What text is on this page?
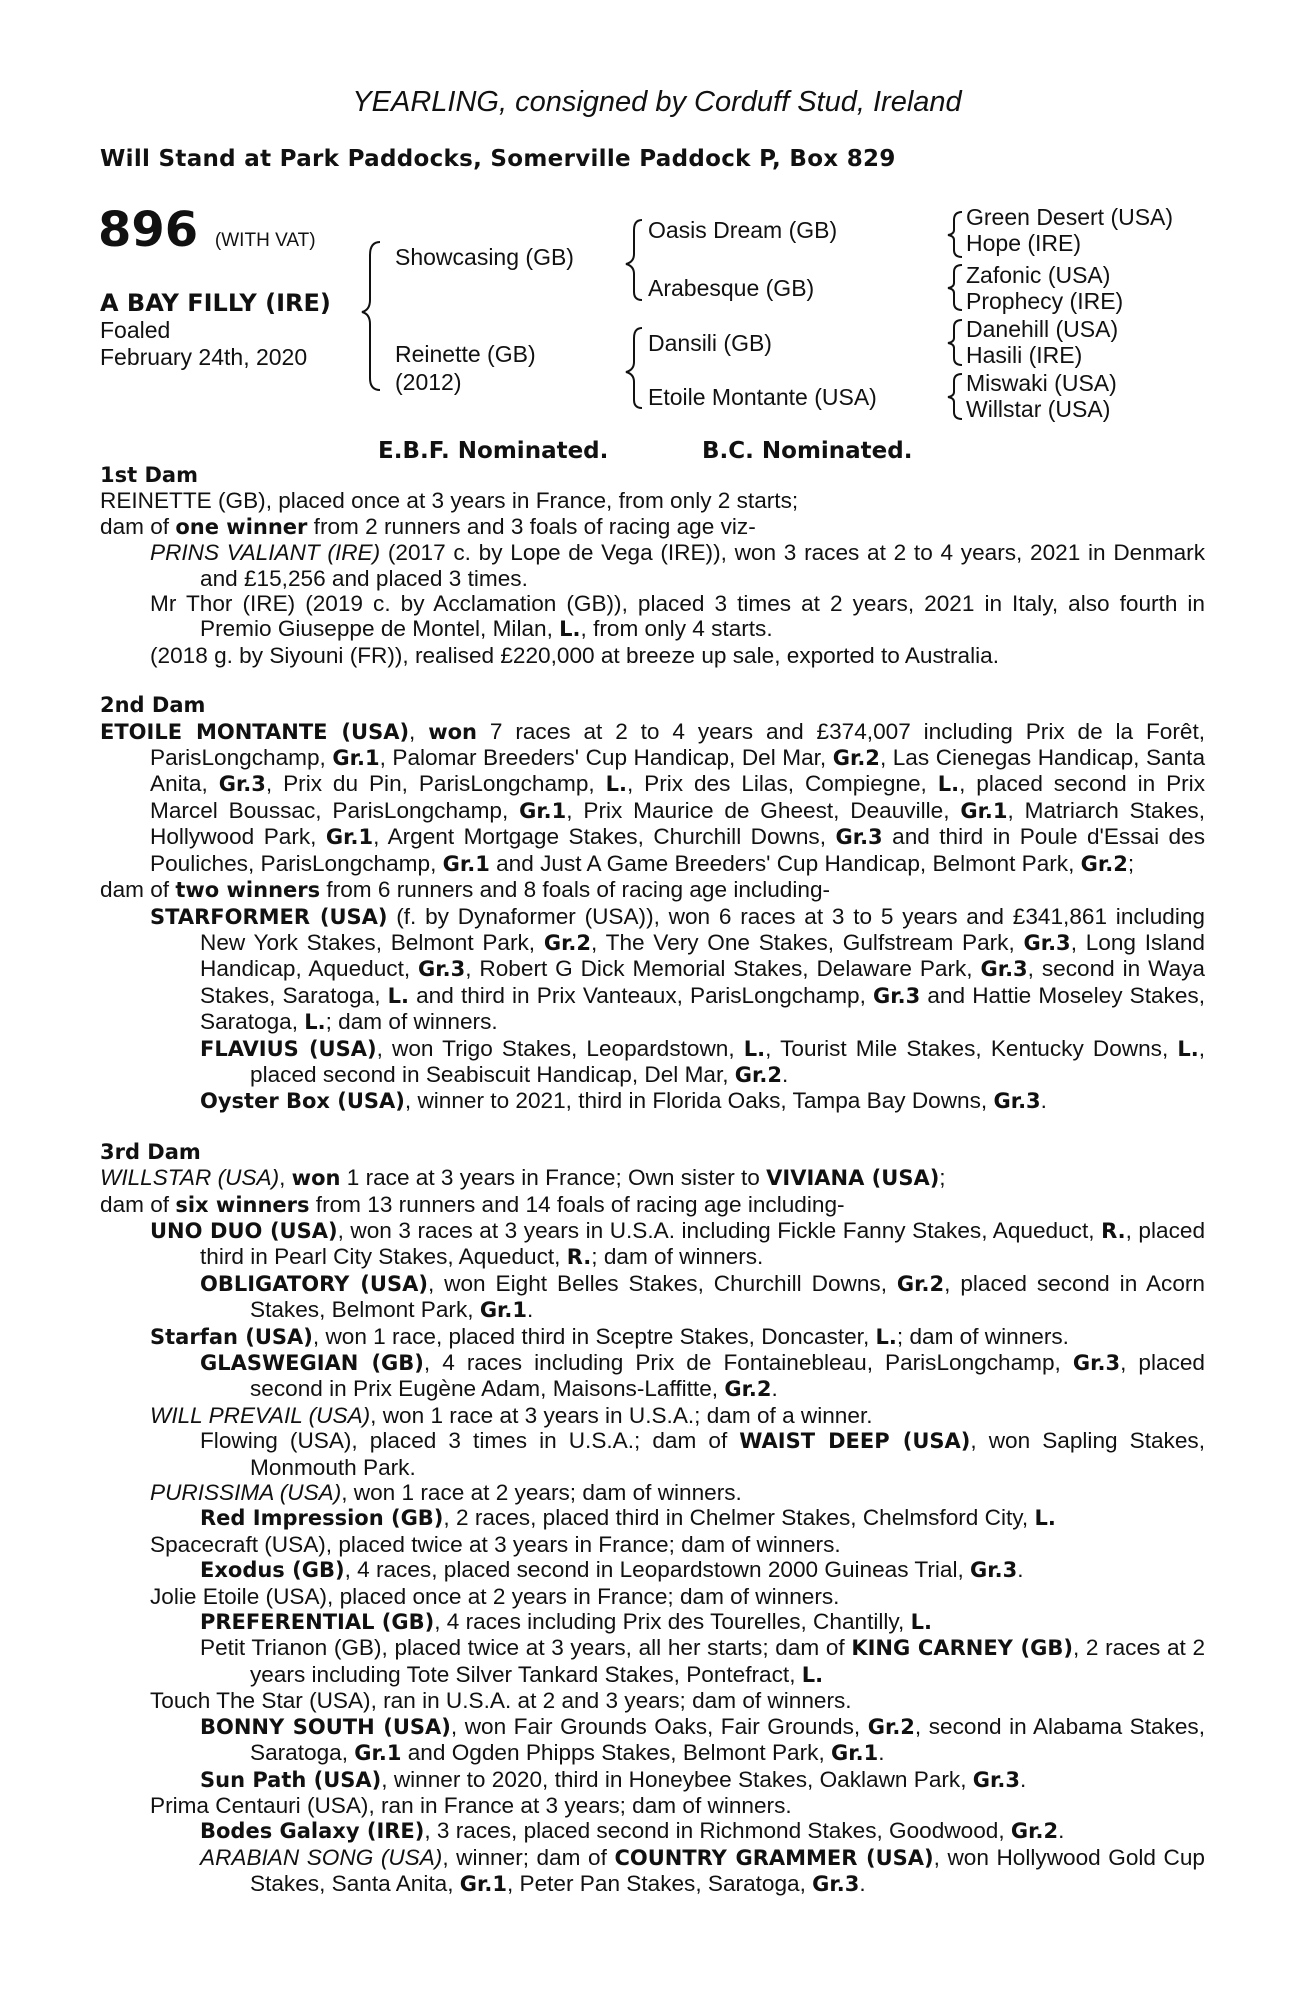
YEARLING, consigned by Corduff Stud, Ireland
Will Stand at Park Paddocks, Somerville Paddock P, Box 829
896 (WITH VAT)
A BAY FILLY (IRE)
Foaled
February 24th, 2020
Showcasing (GB)
Reinette (GB)
(2012)
Oasis Dream (GB)
Arabesque (GB)
Dansili (GB)
Etoile Montante (USA)
Green Desert (USA)
Hope (IRE)
Zafonic (USA)
Prophecy (IRE)
Danehill (USA)
Hasili (IRE)
Miswaki (USA)
Willstar (USA)
E.B.F. Nominated.	B.C. Nominated.

1st Dam

REINETTE (GB), placed once at 3 years in France, from only 2 starts;

dam of one winner from 2 runners and 3 foals of racing age viz-

PRINS VALIANT (IRE) (2017 c. by Lope de Vega (IRE)), won 3 races at 2 to 4 years, 2021 in Denmark and £15,256 and placed 3 times.

Mr Thor (IRE) (2019 c. by Acclamation (GB)), placed 3 times at 2 years, 2021 in Italy, also fourth in Premio Giuseppe de Montel, Milan, L., from only 4 starts.

(2018 g. by Siyouni (FR)), realised £220,000 at breeze up sale, exported to Australia.

2nd Dam

ETOILE MONTANTE (USA), won 7 races at 2 to 4 years and £374,007 including Prix de la Forêt, ParisLongchamp, Gr.1, Palomar Breeders' Cup Handicap, Del Mar, Gr.2, Las Cienegas Handicap, Santa Anita, Gr.3, Prix du Pin, ParisLongchamp, L., Prix des Lilas, Compiegne, L., placed second in Prix Marcel Boussac, ParisLongchamp, Gr.1, Prix Maurice de Gheest, Deauville, Gr.1, Matriarch Stakes, Hollywood Park, Gr.1, Argent Mortgage Stakes, Churchill Downs, Gr.3 and third in Poule d'Essai des Pouliches, ParisLongchamp, Gr.1 and Just A Game Breeders' Cup Handicap, Belmont Park, Gr.2;

dam of two winners from 6 runners and 8 foals of racing age including-

STARFORMER (USA) (f. by Dynaformer (USA)), won 6 races at 3 to 5 years and £341,861 including New York Stakes, Belmont Park, Gr.2, The Very One Stakes, Gulfstream Park, Gr.3, Long Island Handicap, Aqueduct, Gr.3, Robert G Dick Memorial Stakes, Delaware Park, Gr.3, second in Waya Stakes, Saratoga, L. and third in Prix Vanteaux, ParisLongchamp, Gr.3 and Hattie Moseley Stakes, Saratoga, L.; dam of winners.

FLAVIUS (USA), won Trigo Stakes, Leopardstown, L., Tourist Mile Stakes, Kentucky Downs, L., placed second in Seabiscuit Handicap, Del Mar, Gr.2.

Oyster Box (USA), winner to 2021, third in Florida Oaks, Tampa Bay Downs, Gr.3.

3rd Dam

WILLSTAR (USA), won 1 race at 3 years in France; Own sister to VIVIANA (USA);

dam of six winners from 13 runners and 14 foals of racing age including-

UNO DUO (USA), won 3 races at 3 years in U.S.A. including Fickle Fanny Stakes, Aqueduct, R., placed third in Pearl City Stakes, Aqueduct, R.; dam of winners.

OBLIGATORY (USA), won Eight Belles Stakes, Churchill Downs, Gr.2, placed second in Acorn Stakes, Belmont Park, Gr.1.

Starfan (USA), won 1 race, placed third in Sceptre Stakes, Doncaster, L.; dam of winners.

GLASWEGIAN (GB), 4 races including Prix de Fontainebleau, ParisLongchamp, Gr.3, placed second in Prix Eugène Adam, Maisons-Laffitte, Gr.2.

WILL PREVAIL (USA), won 1 race at 3 years in U.S.A.; dam of a winner.

Flowing (USA), placed 3 times in U.S.A.; dam of WAIST DEEP (USA), won Sapling Stakes, Monmouth Park.

PURISSIMA (USA), won 1 race at 2 years; dam of winners.

Red Impression (GB), 2 races, placed third in Chelmer Stakes, Chelmsford City, L.

Spacecraft (USA), placed twice at 3 years in France; dam of winners.

Exodus (GB), 4 races, placed second in Leopardstown 2000 Guineas Trial, Gr.3.

Jolie Etoile (USA), placed once at 2 years in France; dam of winners.

PREFERENTIAL (GB), 4 races including Prix des Tourelles, Chantilly, L.

Petit Trianon (GB), placed twice at 3 years, all her starts; dam of KING CARNEY (GB), 2 races at 2 years including Tote Silver Tankard Stakes, Pontefract, L.

Touch The Star (USA), ran in U.S.A. at 2 and 3 years; dam of winners.

BONNY SOUTH (USA), won Fair Grounds Oaks, Fair Grounds, Gr.2, second in Alabama Stakes, Saratoga, Gr.1 and Ogden Phipps Stakes, Belmont Park, Gr.1.

Sun Path (USA), winner to 2020, third in Honeybee Stakes, Oaklawn Park, Gr.3.

Prima Centauri (USA), ran in France at 3 years; dam of winners.

Bodes Galaxy (IRE), 3 races, placed second in Richmond Stakes, Goodwood, Gr.2.

ARABIAN SONG (USA), winner; dam of COUNTRY GRAMMER (USA), won Hollywood Gold Cup Stakes, Santa Anita, Gr.1, Peter Pan Stakes, Saratoga, Gr.3.
